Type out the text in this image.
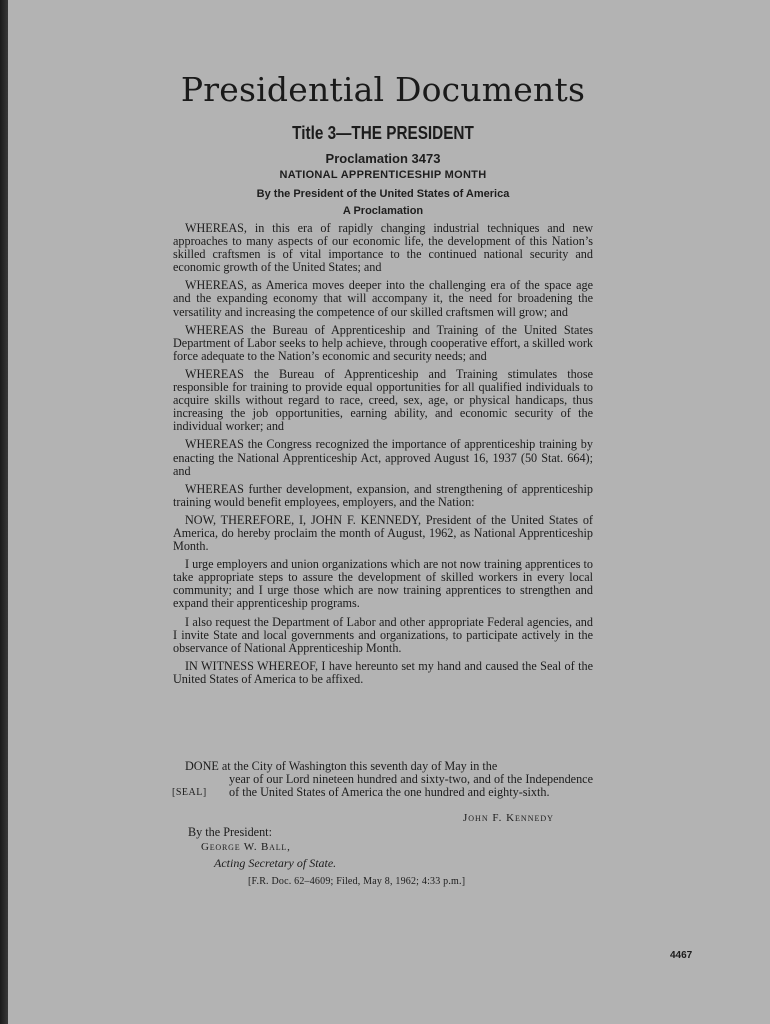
Presidential Documents
Title 3—THE PRESIDENT
Proclamation 3473
NATIONAL APPRENTICESHIP MONTH
By the President of the United States of America
A Proclamation

WHEREAS, in this era of rapidly changing industrial techniques and new approaches to many aspects of our economic life, the development of this Nation’s skilled craftsmen is of vital importance to the continued national security and economic growth of the United States; and

WHEREAS, as America moves deeper into the challenging era of the space age and the expanding economy that will accompany it, the need for broadening the versatility and increasing the competence of our skilled craftsmen will grow; and

WHEREAS the Bureau of Apprenticeship and Training of the United States Department of Labor seeks to help achieve, through cooperative effort, a skilled work force adequate to the Nation’s economic and security needs; and

WHEREAS the Bureau of Apprenticeship and Training stimulates those responsible for training to provide equal opportunities for all qualified individuals to acquire skills without regard to race, creed, sex, age, or physical handicaps, thus increasing the job opportunities, earning ability, and economic security of the individual worker; and

WHEREAS the Congress recognized the importance of apprenticeship training by enacting the National Apprenticeship Act, approved August 16, 1937 (50 Stat. 664); and

WHEREAS further development, expansion, and strengthening of apprenticeship training would benefit employees, employers, and the Nation:

NOW, THEREFORE, I, JOHN F. KENNEDY, President of the United States of America, do hereby proclaim the month of August, 1962, as National Apprenticeship Month.

I urge employers and union organizations which are not now training apprentices to take appropriate steps to assure the development of skilled workers in every local community; and I urge those which are now training apprentices to strengthen and expand their apprenticeship programs.

I also request the Department of Labor and other appropriate Federal agencies, and I invite State and local governments and organizations, to participate actively in the observance of National Apprenticeship Month.

IN WITNESS WHEREOF, I have hereunto set my hand and caused the Seal of the United States of America to be affixed.

DONE at the City of Washington this seventh day of May in the

[SEAL]
year of our Lord nineteen hundred and sixty-two, and of the Independence of the United States of America the one hundred and eighty-sixth.

John F. Kennedy
By the President:
George W. Ball,
Acting Secretary of State.
[F.R. Doc. 62–4609; Filed, May 8, 1962; 4:33 p.m.]
4467
